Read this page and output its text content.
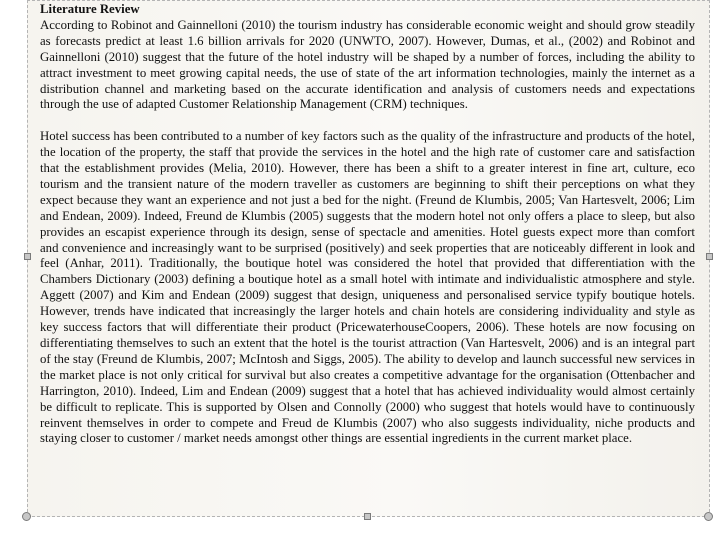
Literature Review

According to Robinot and Gainnelloni (2010) the tourism industry has considerable economic weight and should grow steadily as forecasts predict at least 1.6 billion arrivals for 2020 (UNWTO, 2007). However, Dumas, et al., (2002) and Robinot and Gainnelloni (2010) suggest that the future of the hotel industry will be shaped by a number of forces, including the ability to attract investment to meet growing capital needs, the use of state of the art information technologies, mainly the internet as a distribution channel and marketing based on the accurate identification and analysis of customers needs and expectations through the use of adapted Customer Relationship Management (CRM) techniques.

Hotel success has been contributed to a number of key factors such as the quality of the infrastructure and products of the hotel, the location of the property, the staff that provide the services in the hotel and the high rate of customer care and satisfaction that the establishment provides (Melia, 2010). However, there has been a shift to a greater interest in fine art, culture, eco tourism and the transient nature of the modern traveller as customers are beginning to shift their perceptions on what they expect because they want an experience and not just a bed for the night. (Freund de Klumbis, 2005; Van Hartesvelt, 2006; Lim and Endean, 2009). Indeed, Freund de Klumbis (2005) suggests that the modern hotel not only offers a place to sleep, but also provides an escapist experience through its design, sense of spectacle and amenities. Hotel guests expect more than comfort and convenience and increasingly want to be surprised (positively) and seek properties that are noticeably different in look and feel (Anhar, 2011). Traditionally, the boutique hotel was considered the hotel that provided that differentiation with the Chambers Dictionary (2003) defining a boutique hotel as a small hotel with intimate and individualistic atmosphere and style. Aggett (2007) and Kim and Endean (2009) suggest that design, uniqueness and personalised service typify boutique hotels. However, trends have indicated that increasingly the larger hotels and chain hotels are considering individuality and style as key success factors that will differentiate their product (PricewaterhouseCoopers, 2006). These hotels are now focusing on differentiating themselves to such an extent that the hotel is the tourist attraction (Van Hartesvelt, 2006) and is an integral part of the stay (Freund de Klumbis, 2007; McIntosh and Siggs, 2005). The ability to develop and launch successful new services in the market place is not only critical for survival but also creates a competitive advantage for the organisation (Ottenbacher and Harrington, 2010). Indeed, Lim and Endean (2009) suggest that a hotel that has achieved individuality would almost certainly be difficult to replicate. This is supported by Olsen and Connolly (2000) who suggest that hotels would have to continuously reinvent themselves in order to compete and Freud de Klumbis (2007) who also suggests individuality, niche products and staying closer to customer / market needs amongst other things are essential ingredients in the current market place.
